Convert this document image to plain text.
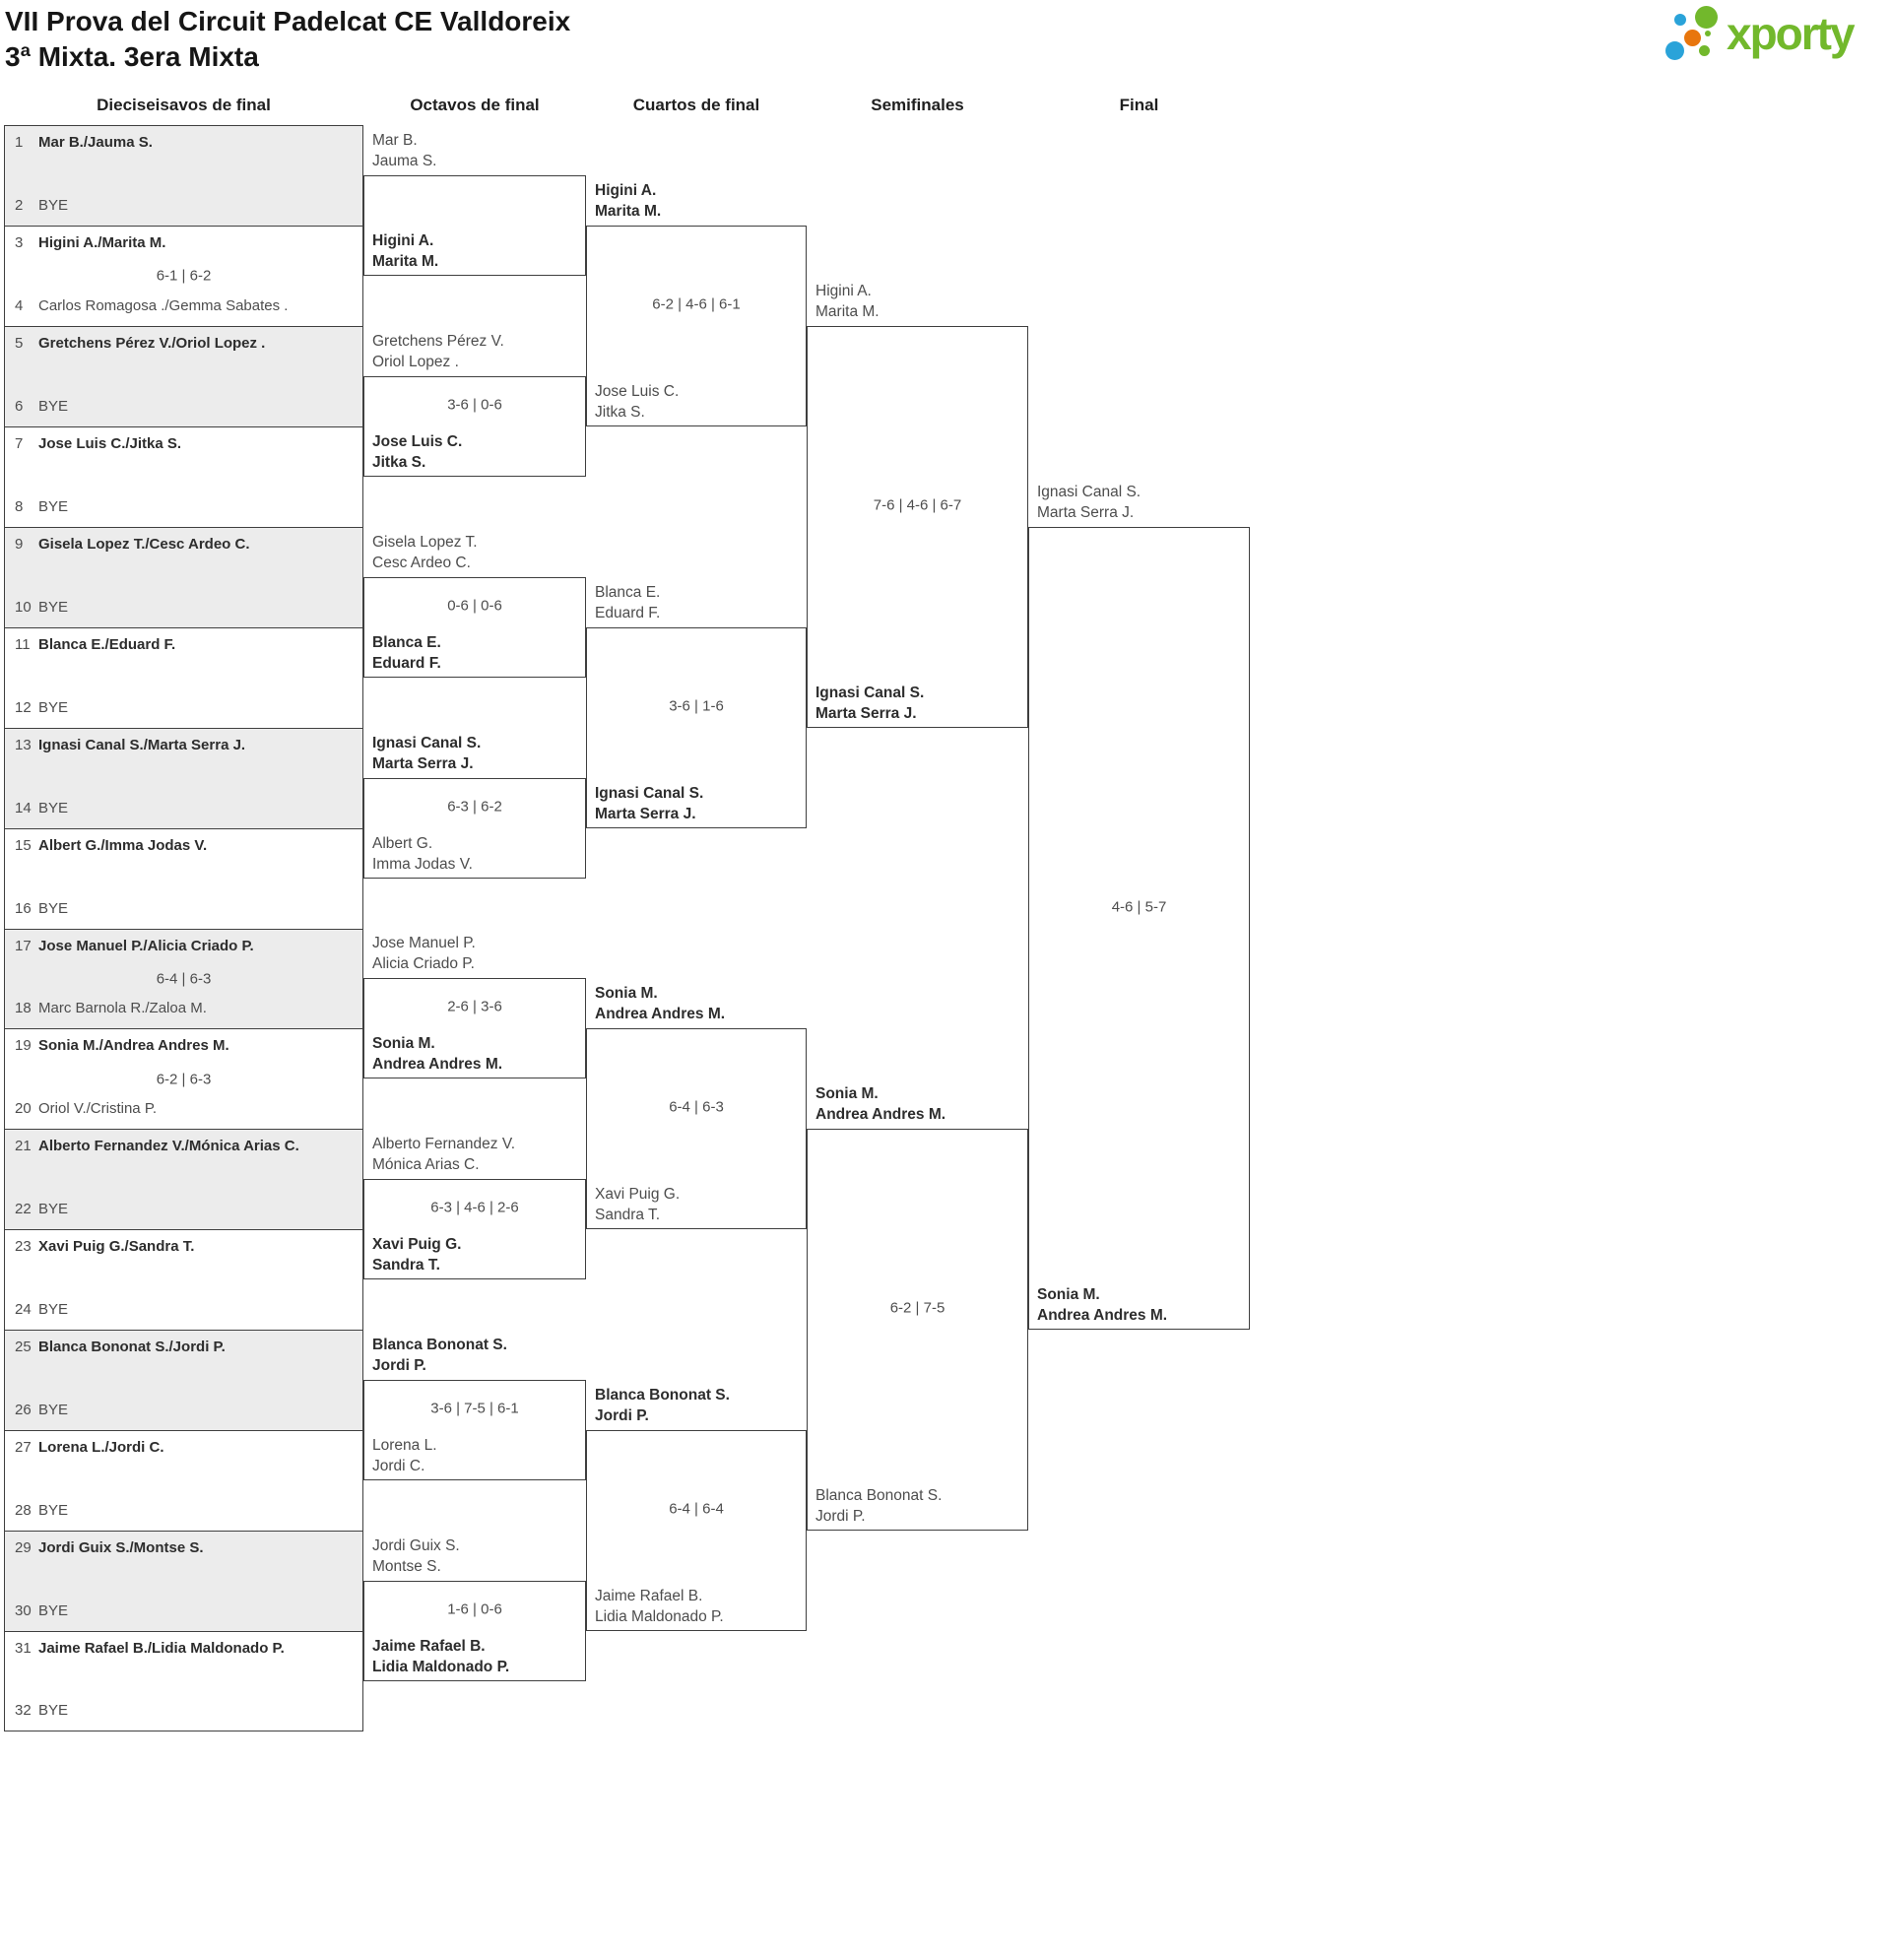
VII Prova del Circuit Padelcat CE Valldoreix
3ª Mixta. 3era Mixta	xporty
Dieciseisavos de final	Octavos de final	Cuartos de final	Semifinales	Final
1 Mar B./Jauma S.
2 BYE
3 Higini A./Marita M.
4 Carlos Romagosa ./Gemma Sabates .
6-1 | 6-2
5 Gretchens Pérez V./Oriol Lopez .
6 BYE
7 Jose Luis C./Jitka S.
8 BYE
9 Gisela Lopez T./Cesc Ardeo C.
10 BYE
11 Blanca E./Eduard F.
12 BYE
13 Ignasi Canal S./Marta Serra J.
14 BYE
15 Albert G./Imma Jodas V.
16 BYE
17 Jose Manuel P./Alicia Criado P.
18 Marc Barnola R./Zaloa M.
6-4 | 6-3
19 Sonia M./Andrea Andres M.
20 Oriol V./Cristina P.
6-2 | 6-3
21 Alberto Fernandez V./Mónica Arias C.
22 BYE
23 Xavi Puig G./Sandra T.
24 BYE
25 Blanca Bononat S./Jordi P.
26 BYE
27 Lorena L./Jordi C.
28 BYE
29 Jordi Guix S./Montse S.
30 BYE
31 Jaime Rafael B./Lidia Maldonado P.
32 BYE
Mar B.
Jauma S.
Higini A.
Marita M.
Gretchens Pérez V.
Oriol Lopez .
Jose Luis C.
Jitka S.
3-6 | 0-6
Gisela Lopez T.
Cesc Ardeo C.
Blanca E.
Eduard F.
0-6 | 0-6
Ignasi Canal S.
Marta Serra J.
Albert G.
Imma Jodas V.
6-3 | 6-2
Jose Manuel P.
Alicia Criado P.
Sonia M.
Andrea Andres M.
2-6 | 3-6
Alberto Fernandez V.
Mónica Arias C.
Xavi Puig G.
Sandra T.
6-3 | 4-6 | 2-6
Blanca Bononat S.
Jordi P.
Lorena L.
Jordi C.
3-6 | 7-5 | 6-1
Jordi Guix S.
Montse S.
Jaime Rafael B.
Lidia Maldonado P.
1-6 | 0-6
Higini A.
Marita M.
Jose Luis C.
Jitka S.
6-2 | 4-6 | 6-1
Blanca E.
Eduard F.
Ignasi Canal S.
Marta Serra J.
3-6 | 1-6
Sonia M.
Andrea Andres M.
Xavi Puig G.
Sandra T.
6-4 | 6-3
Blanca Bononat S.
Jordi P.
Jaime Rafael B.
Lidia Maldonado P.
6-4 | 6-4
Higini A.
Marita M.
Ignasi Canal S.
Marta Serra J.
7-6 | 4-6 | 6-7
Sonia M.
Andrea Andres M.
Blanca Bononat S.
Jordi P.
6-2 | 7-5
Ignasi Canal S.
Marta Serra J.
Sonia M.
Andrea Andres M.
4-6 | 5-7
